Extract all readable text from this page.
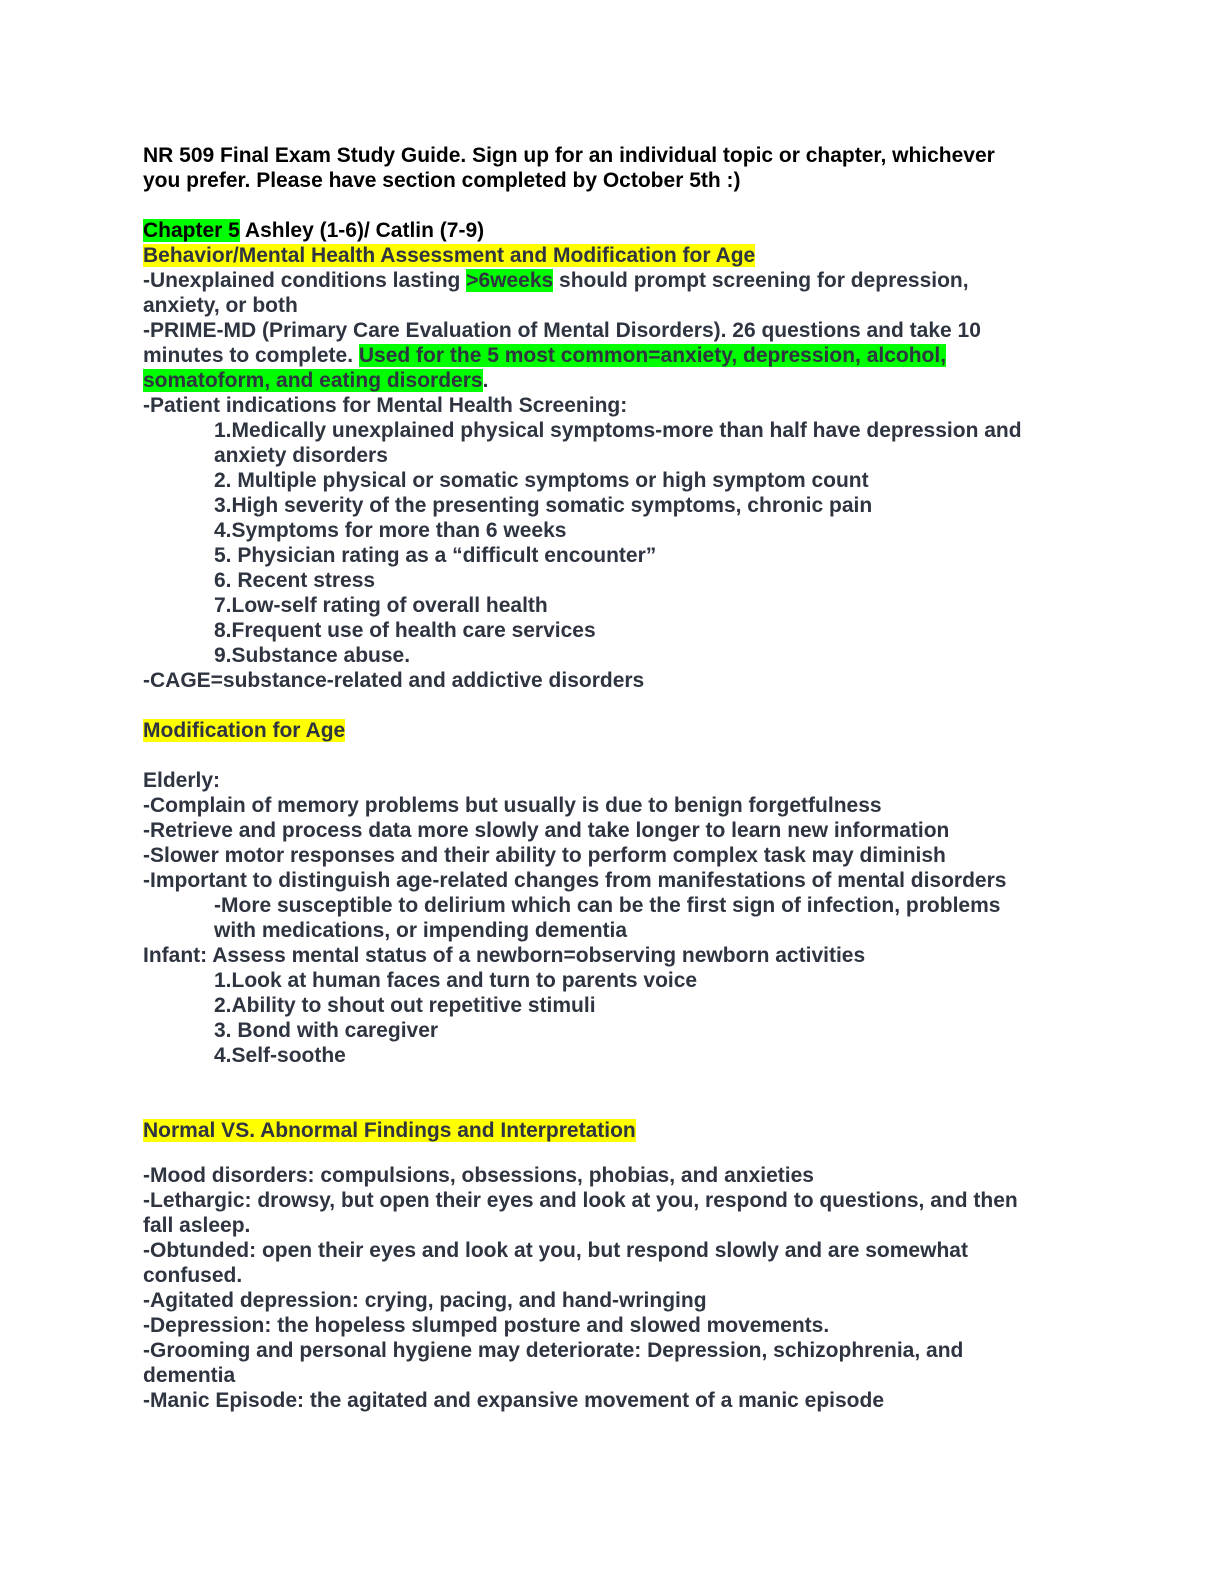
NR 509 Final Exam Study Guide. Sign up for an individual topic or chapter, whichever

you prefer. Please have section completed by October 5th :)

Chapter 5 Ashley (1-6)/ Catlin (7-9)

Behavior/Mental Health Assessment and Modification for Age

-Unexplained conditions lasting >6weeks should prompt screening for depression,

anxiety, or both

-PRIME-MD (Primary Care Evaluation of Mental Disorders). 26 questions and take 10

minutes to complete. Used for the 5 most common=anxiety, depression, alcohol,

somatoform, and eating disorders.

-Patient indications for Mental Health Screening:

1.Medically unexplained physical symptoms-more than half have depression and

anxiety disorders

2. Multiple physical or somatic symptoms or high symptom count

3.High severity of the presenting somatic symptoms, chronic pain

4.Symptoms for more than 6 weeks

5. Physician rating as a “difficult encounter”

6. Recent stress

7.Low-self rating of overall health

8.Frequent use of health care services

9.Substance abuse.

-CAGE=substance-related and addictive disorders

Modification for Age

Elderly:

-Complain of memory problems but usually is due to benign forgetfulness

-Retrieve and process data more slowly and take longer to learn new information

-Slower motor responses and their ability to perform complex task may diminish

-Important to distinguish age-related changes from manifestations of mental disorders

-More susceptible to delirium which can be the first sign of infection, problems

with medications, or impending dementia

Infant: Assess mental status of a newborn=observing newborn activities

1.Look at human faces and turn to parents voice

2.Ability to shout out repetitive stimuli

3. Bond with caregiver

4.Self-soothe

Normal VS. Abnormal Findings and Interpretation

-Mood disorders: compulsions, obsessions, phobias, and anxieties

-Lethargic: drowsy, but open their eyes and look at you, respond to questions, and then

fall asleep.

-Obtunded: open their eyes and look at you, but respond slowly and are somewhat

confused.

-Agitated depression: crying, pacing, and hand-wringing

-Depression: the hopeless slumped posture and slowed movements.

-Grooming and personal hygiene may deteriorate: Depression, schizophrenia, and

dementia

-Manic Episode: the agitated and expansive movement of a manic episode
